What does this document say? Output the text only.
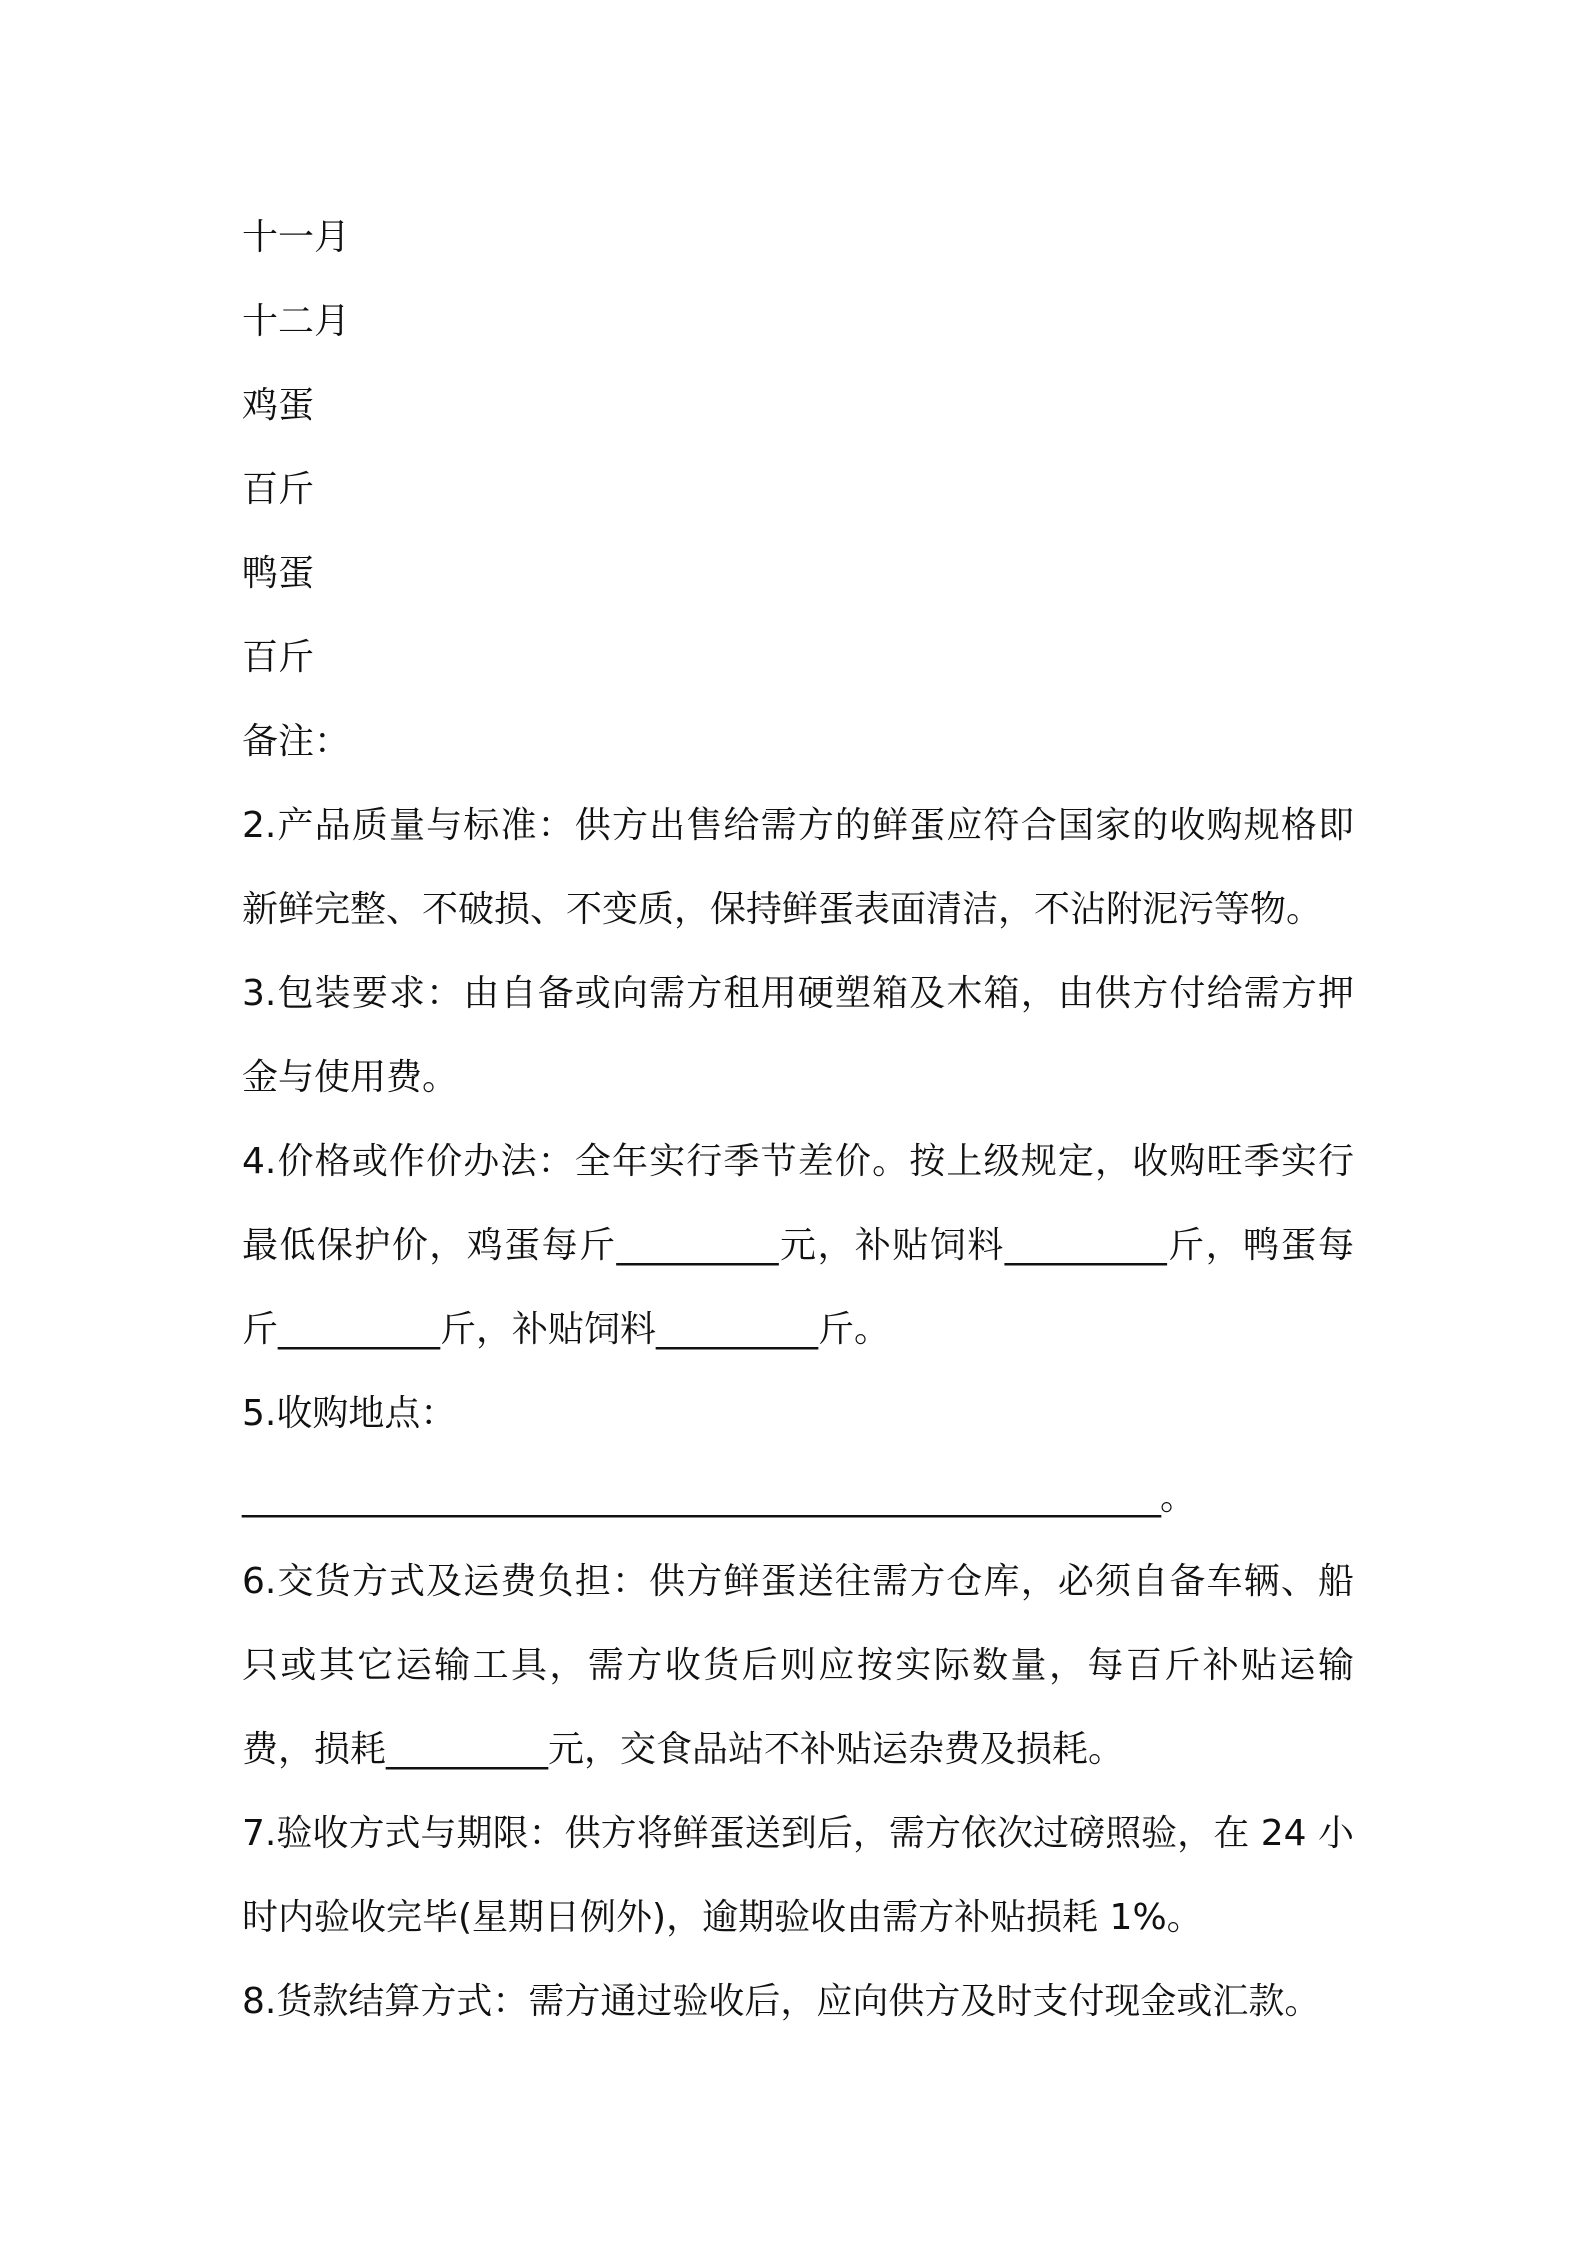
十一月
十二月
鸡蛋
百斤
鸭蛋
百斤
备注：
2.产品质量与标准：供方出售给需方的鲜蛋应符合国家的收购规格即新鲜完整、不破损、不变质，保持鲜蛋表面清洁，不沾附泥污等物。
3.包装要求：由自备或向需方租用硬塑箱及木箱，由供方付给需方押金与使用费。
4.价格或作价办法：全年实行季节差价。按上级规定，收购旺季实行最低保护价，鸡蛋每斤_________元，补贴饲料_________斤，鸭蛋每斤_________斤，补贴饲料_________斤。
5.收购地点：
______________________________________________________。
6.交货方式及运费负担：供方鲜蛋送往需方仓库，必须自备车辆、船只或其它运输工具，需方收货后则应按实际数量，每百斤补贴运输费，损耗_________元，交食品站不补贴运杂费及损耗。
7.验收方式与期限：供方将鲜蛋送到后，需方依次过磅照验，在 24 小时内验收完毕(星期日例外)，逾期验收由需方补贴损耗 1%。
8.货款结算方式：需方通过验收后，应向供方及时支付现金或汇款。
